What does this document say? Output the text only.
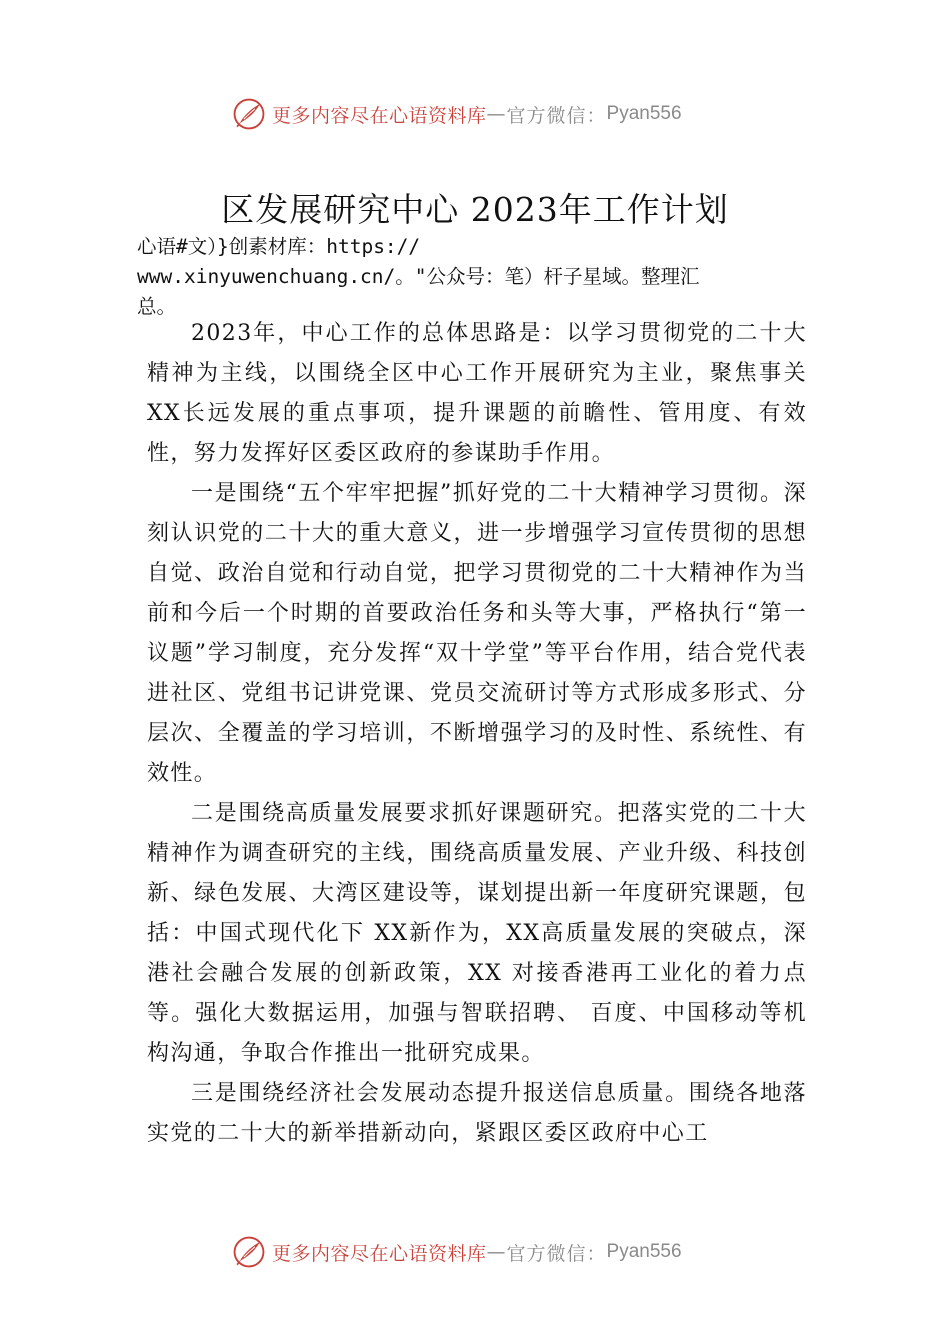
更多内容尽在心语资料库 — 官方微信： Pyan556
区发展研究中心 2023年工作计划
心语#文）}创素材库：https://
www.xinyuwenchuang.cn/。"公众号：笔）杆子星域。整理汇
总。

2023年，中心工作的总体思路是：以学习贯彻党的二十大精神为主线，以围绕全区中心工作开展研究为主业，聚焦事关XX长远发展的重点事项，提升课题的前瞻性、管用度、有效性，努力发挥好区委区政府的参谋助手作用。

一是围绕“五个牢牢把握”抓好党的二十大精神学习贯彻。深刻认识党的二十大的重大意义，进一步增强学习宣传贯彻的思想自觉、政治自觉和行动自觉，把学习贯彻党的二十大精神作为当前和今后一个时期的首要政治任务和头等大事，严格执行“第一议题”学习制度，充分发挥“双十学堂”等平台作用，结合党代表进社区、党组书记讲党课、党员交流研讨等方式形成多形式、分层次、全覆盖的学习培训，不断增强学习的及时性、系统性、有效性。

二是围绕高质量发展要求抓好课题研究。把落实党的二十大精神作为调查研究的主线，围绕高质量发展、产业升级、科技创新、绿色发展、大湾区建设等，谋划提出新一年度研究课题，包括：中国式现代化下 XX新作为，XX高质量发展的突破点，深港社会融合发展的创新政策，XX 对接香港再工业化的着力点等。强化大数据运用，加强与智联招聘、 百度、中国移动等机构沟通，争取合作推出一批研究成果。

三是围绕经济社会发展动态提升报送信息质量。围绕各地落实党的二十大的新举措新动向，紧跟区委区政府中心工

更多内容尽在心语资料库 — 官方微信： Pyan556
